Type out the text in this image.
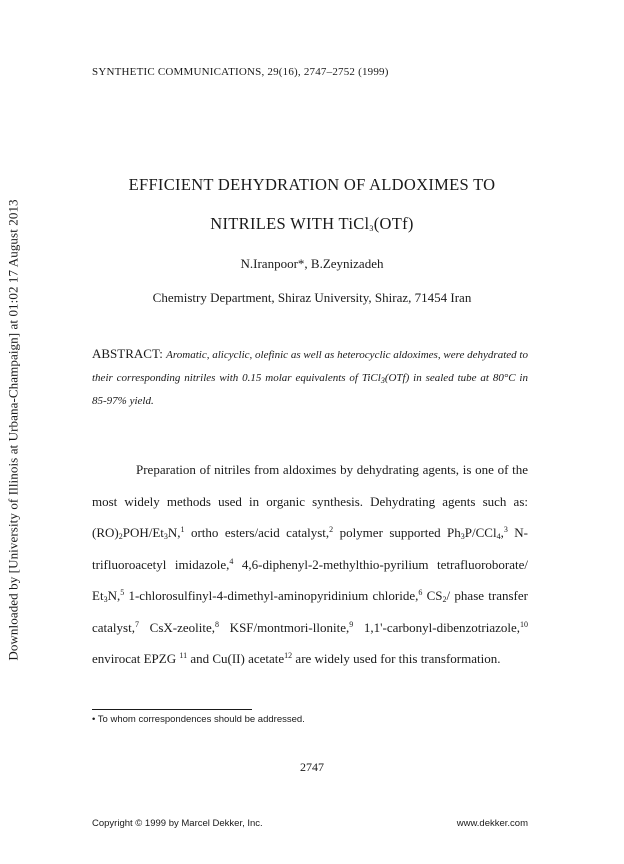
Downloaded by [University of Illinois at Urbana-Champaign] at 01:02 17 August 2013
SYNTHETIC COMMUNICATIONS, 29(16), 2747–2752 (1999)
EFFICIENT DEHYDRATION OF ALDOXIMES TO
NITRILES WITH TiCl$_3$(OTf)
N.Iranpoor*, B.Zeynizadeh
Chemistry Department, Shiraz University, Shiraz, 71454 Iran
ABSTRACT: Aromatic, alicyclic, olefinic as well as heterocyclic aldoximes, were dehydrated to their corresponding nitriles with 0.15 molar equivalents of TiCl$_3$(OTf) in sealed tube at 80°C in 85-97% yield.

Preparation of nitriles from aldoximes by dehydrating agents, is one of the most widely methods used in organic synthesis. Dehydrating agents such as: $(RO)_2POH/Et_3N,^1$ ortho esters/acid catalyst,$^2$ polymer supported $Ph_3P/CCl_4,^3$ N-trifluoroacetyl imidazole,$^4$ 4,6-diphenyl-2-methylthio-pyrilium tetrafluoroborate/ $Et_3N,^5$ 1-chlorosulfinyl-4-dimethyl-aminopyridinium chloride,$^6$ $CS_2/$ phase transfer catalyst,$^7$ CsX-zeolite,$^8$ KSF/montmori-llonite,$^9$ 1,1'-carbonyl-dibenzotriazole,$^{10}$ envirocat EPZG $^{11}$ and Cu(II) acetate$^{12}$ are widely used for this transformation.

• To whom correspondences should be addressed.
2747
Copyright © 1999 by Marcel Dekker, Inc.	www.dekker.com
